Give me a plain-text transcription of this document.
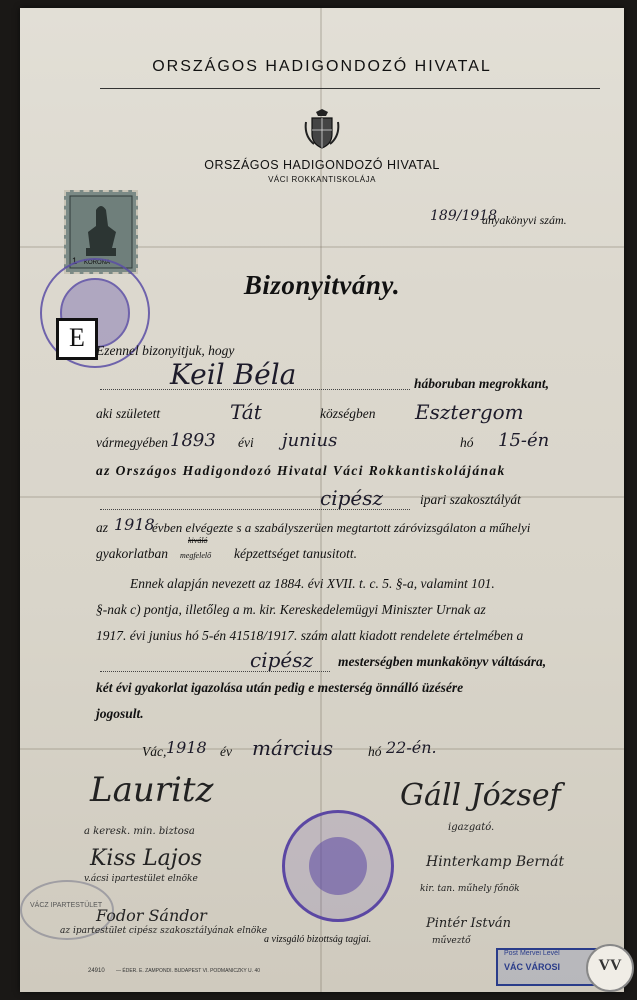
ORSZÁGOS HADIGONDOZÓ HIVATAL
ORSZÁGOS HADIGONDOZÓ HIVATAL
VÁCI ROKKANTISKOLÁJA
1 KORONA
E
189/1918
anyakönyvi szám.
Bizonyitvány.
Ezennel bizonyitjuk, hogy
Keil Béla	háboruban megrokkant,
aki született	Tát	községben Esztergom
vármegyében 1893 évi junius	hó 15-én
az Országos Hadigondozó Hivatal Váci Rokkantiskolájának
cipész	ipari szakosztályát
az 1918
évben elvégezte s a szabályszerüen megtartott záróvizsgálaton a műhelyi
gyakorlatban
kiváló
megfelelő képzettséget tanusitott.
Ennek alapján nevezett az 1884. évi XVII. t. c. 5. §-a, valamint 101.
§-nak c) pontja, illetőleg a m. kir. Kereskedelemügyi Miniszter Urnak az
1917. évi junius hó 5-én 41518/1917. szám alatt kiadott rendelete értelmében a
cipész mesterségben munkakönyv váltására,
két évi gyakorlat igazolása után pedig e mesterség önnálló üzésére
jogosult.
Vác, 1918 év március	hó 22-én.
Lauritz
a keresk. min. biztosa
Gáll József
igazgató.
Kiss Lajos
v.ácsi ipartestület elnöke
Hinterkamp Bernát
kir. tan. műhely főnök
VÁCZ IPARTESTÜLET
Fodor Sándor
az ipartestület cipész szakosztályának elnöke
a vizsgáló bizottság tagjai.
Pintér István
műveztő
Post Mervei Levél
VÁC VÁROSI
24910 — ÉDER. E. ZAMPONDI. BUDAPEST VI. PODMANICZKY U. 40	VV
